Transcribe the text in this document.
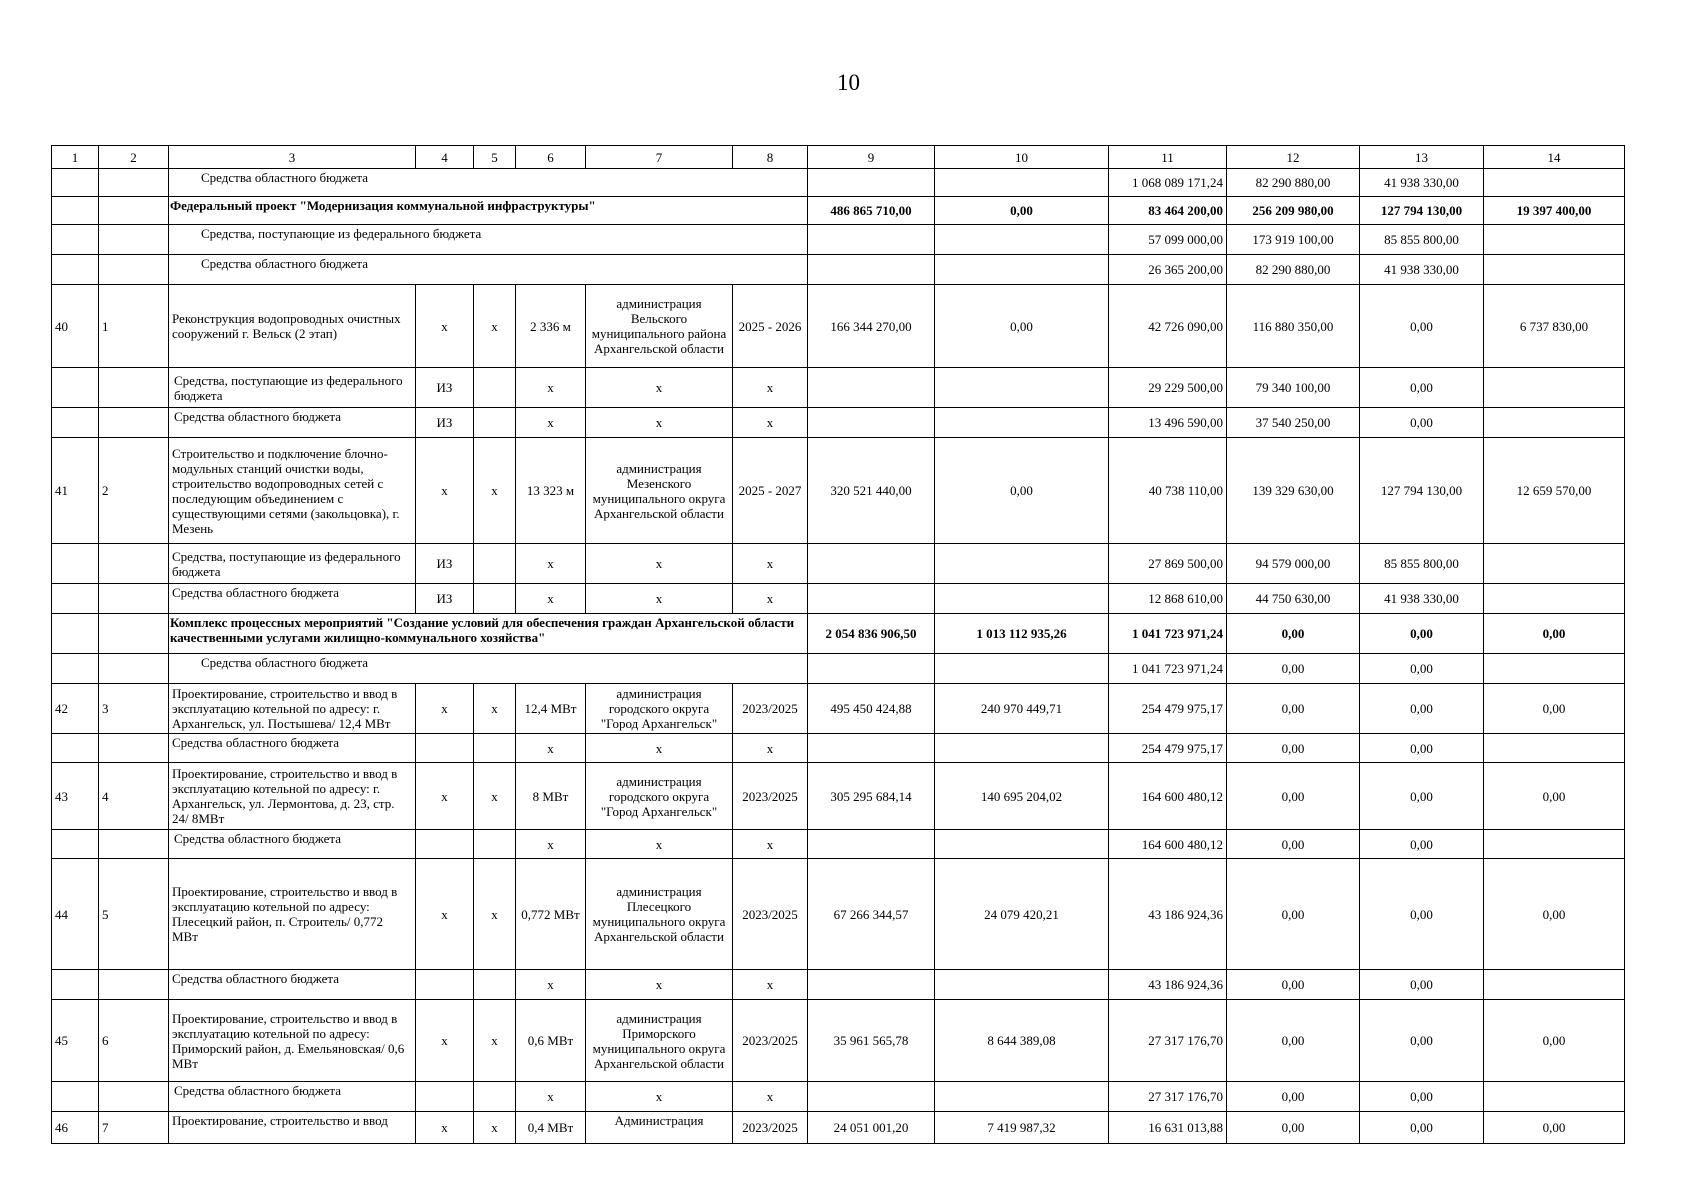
10
1	2	3	4	5	6	7	8	9	10	11	12	13	14
		Средства областного бюджета								1 068 089 171,24	82 290 880,00	41 938 330,00	
		Федеральный проект "Модернизация коммунальной инфраструктуры"						486 865 710,00	0,00	83 464 200,00	256 209 980,00	127 794 130,00	19 397 400,00
		Средства, поступающие из федерального бюджета								57 099 000,00	173 919 100,00	85 855 800,00	
		Средства областного бюджета								26 365 200,00	82 290 880,00	41 938 330,00	
40	1	Реконструкция водопроводных очистных сооружений г. Вельск (2 этап)	х	х	2 336 м	администрация Вельского муниципального района Архангельской области	2025 - 2026	166 344 270,00	0,00	42 726 090,00	116 880 350,00	0,00	6 737 830,00
		Средства, поступающие из федерального бюджета	ИЗ		х	х	х			29 229 500,00	79 340 100,00	0,00	
		Средства областного бюджета	ИЗ		х	х	х			13 496 590,00	37 540 250,00	0,00	
41	2	Строительство и подключение блочно-модульных станций очистки воды, строительство водопроводных сетей с последующим объединением с существующими сетями (закольцовка), г. Мезень	х	х	13 323 м	администрация Мезенского муниципального округа Архангельской области	2025 - 2027	320 521 440,00	0,00	40 738 110,00	139 329 630,00	127 794 130,00	12 659 570,00
		Средства, поступающие из федерального бюджета	ИЗ		х	х	х			27 869 500,00	94 579 000,00	85 855 800,00	
		Средства областного бюджета	ИЗ		х	х	х			12 868 610,00	44 750 630,00	41 938 330,00	
		Комплекс процессных мероприятий "Создание условий для обеспечения граждан Архангельской области качественными услугами жилищно-коммунального хозяйства"						2 054 836 906,50	1 013 112 935,26	1 041 723 971,24	0,00	0,00	0,00
		Средства областного бюджета								1 041 723 971,24	0,00	0,00	
42	3	Проектирование, строительство и ввод в эксплуатацию котельной по адресу: г. Архангельск, ул. Постышева/ 12,4 МВт	х	х	12,4 МВт	администрация городского округа "Город Архангельск"	2023/2025	495 450 424,88	240 970 449,71	254 479 975,17	0,00	0,00	0,00
		Средства областного бюджета			х	х	х			254 479 975,17	0,00	0,00	
43	4	Проектирование, строительство и ввод в эксплуатацию котельной по адресу: г. Архангельск, ул. Лермонтова, д. 23, стр. 24/ 8МВт	х	х	8 МВт	администрация городского округа "Город Архангельск"	2023/2025	305 295 684,14	140 695 204,02	164 600 480,12	0,00	0,00	0,00
		Средства областного бюджета			х	х	х			164 600 480,12	0,00	0,00	
44	5	Проектирование, строительство и ввод в эксплуатацию котельной по адресу: Плесецкий район, п. Строитель/ 0,772 МВт	х	х	0,772 МВт	администрация Плесецкого муниципального округа Архангельской области	2023/2025	67 266 344,57	24 079 420,21	43 186 924,36	0,00	0,00	0,00
		Средства областного бюджета			х	х	х			43 186 924,36	0,00	0,00	
45	6	Проектирование, строительство и ввод в эксплуатацию котельной по адресу: Приморский район, д. Емельяновская/ 0,6 МВт	х	х	0,6 МВт	администрация Приморского муниципального округа Архангельской области	2023/2025	35 961 565,78	8 644 389,08	27 317 176,70	0,00	0,00	0,00
		Средства областного бюджета			х	х	х			27 317 176,70	0,00	0,00	
46	7	Проектирование, строительство и ввод	х	х	0,4 МВт	Администрация	2023/2025	24 051 001,20	7 419 987,32	16 631 013,88	0,00	0,00	0,00
